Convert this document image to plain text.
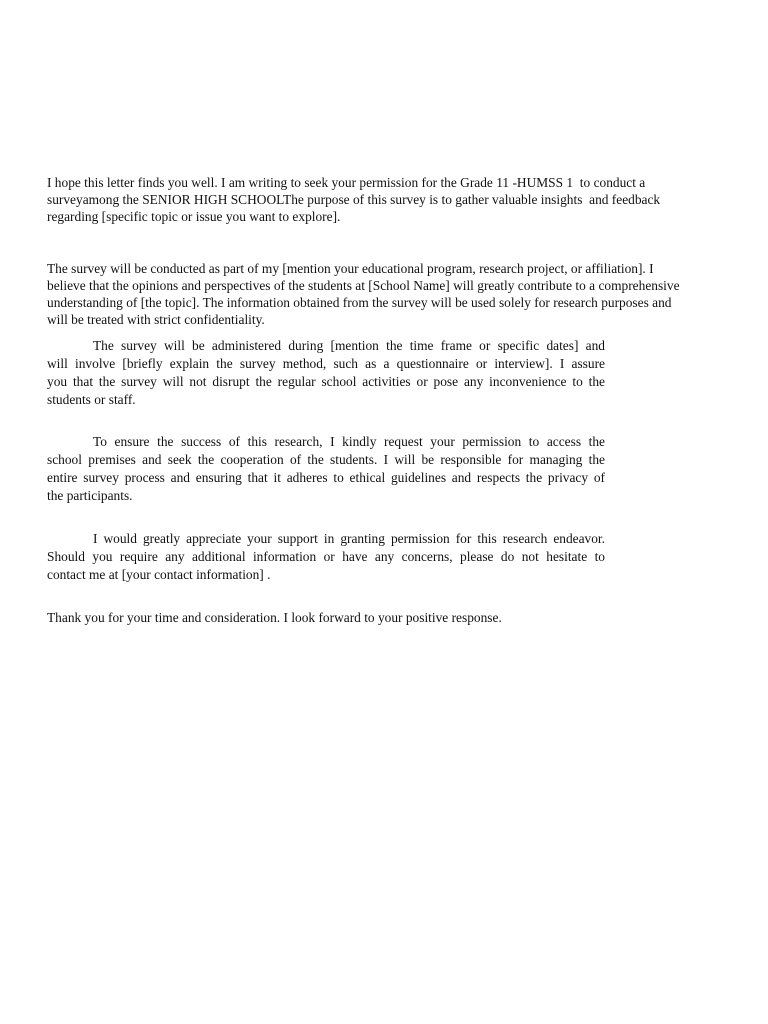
I hope this letter finds you well. I am writing to seek your permission for the Grade 11 -HUMSS 1  to conduct a
surveyamong the SENIOR HIGH SCHOOLThe purpose of this survey is to gather valuable insights  and feedback
regarding [specific topic or issue you want to explore].
The survey will be conducted as part of my [mention your educational program, research project, or affiliation]. I
believe that the opinions and perspectives of the students at [School Name] will greatly contribute to a comprehensive
understanding of [the topic]. The information obtained from the survey will be used solely for research purposes and
will be treated with strict confidentiality.
The survey will be administered during [mention the time frame or specific dates] and
will involve [briefly explain the survey method, such as a questionnaire or interview]. I assure
you that the survey will not disrupt the regular school activities or pose any inconvenience to the
students or staff.
To ensure the success of this research, I kindly request your permission to access the
school premises and seek the cooperation of the students. I will be responsible for managing the
entire survey process and ensuring that it adheres to ethical guidelines and respects the privacy of
the participants.
I would greatly appreciate your support in granting permission for this research endeavor.
Should you require any additional information or have any concerns, please do not hesitate to
contact me at [your contact information] .
Thank you for your time and consideration. I look forward to your positive response.
